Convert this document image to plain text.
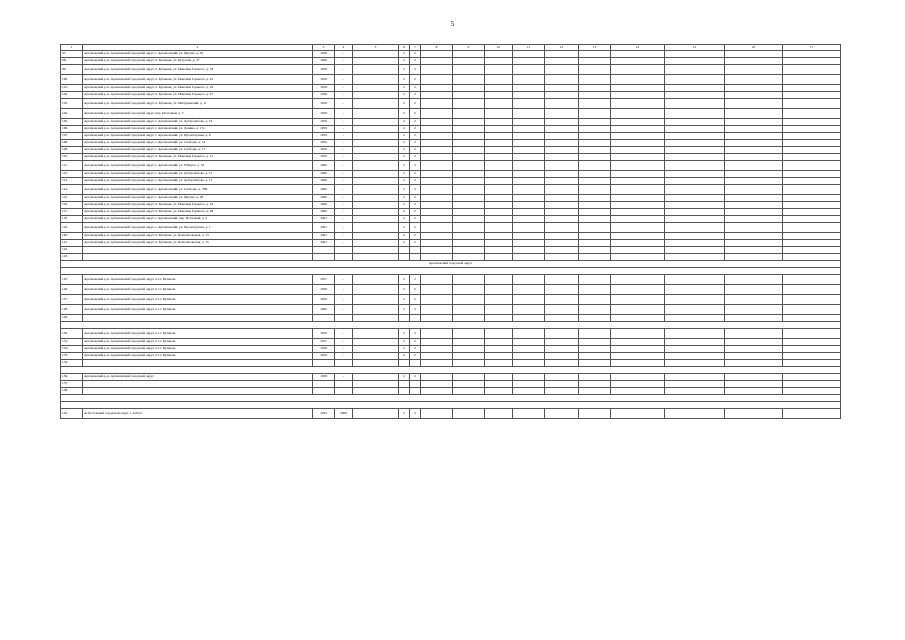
5
1	2	3	4	5	6	7	8	9	10	11	12	13	14	15	16	17
97.	Артемовский р-н, Артемовский городской округ, г. Артемовский, ул. Фрунзе, д. 45	1958	-		2	2										
98.	Артемовский р-н, Артемовский городской округ, п. Буланаш, ул. Кутузова, д. 27	1960	-		2	2										
99.	Артемовский р-н, Артемовский городской округ, п. Буланаш, ул. Максима Горького, д. 18	1958	-		2	2										
100.	Артемовский р-н, Артемовский городской округ, п. Буланаш, ул. Максима Горького, д. 22	1958	-		2	2										
101.	Артемовский р-н, Артемовский городской округ, п. Буланаш, ул. Максима Горького, д. 26	1958	-		2	2										
102.	Артемовский р-н, Артемовский городской округ, п. Буланаш, ул. Максима Горького, д. 27	1958	-		2	2										
103.	Артемовский р-н, Артемовский городской округ, п. Буланаш, ул. Мичуринский, д. 11	1958	-		2	2										
104.	Артемовский р-н, Артемовский городской округ, пер. Почтовый, д. 3	1959	-		2	2										
105.	Артемовский р-н, Артемовский городской округ, г. Артемовский, ул. Добролюбова, д. 16	1959	-		2	2										
106.	Артемовский р-н, Артемовский городской округ, г. Артемовский, ул. Ленина, д. 17а	1959	-		2	2										
107.	Артемовский р-н, Артемовский городской округ, г. Артемовский, ул. Пролетарская, д. 6	1959	-		2	2										
108.	Артемовский р-н, Артемовский городской округ, г. Артемовский, ул. Свободы, д. 14	1959	-		2	2										
109.	Артемовский р-н, Артемовский городской округ, г. Артемовский, ул. Свободы, д. 17	1959	-		2	2										
110.	Артемовский р-н, Артемовский городской округ, п. Буланаш, ул. Максима Горького, д. 21	1959	-		2	2										
111.	Артемовский р-н, Артемовский городской округ, г. Артемовский, ул. 8 Марта, д. 16	1960	-		2	2										
112.	Артемовский р-н, Артемовский городской округ, г. Артемовский, ул. Добролюбова, д. 12	1960	-		2	2										
113.	Артемовский р-н, Артемовский городской округ, г. Артемовский, ул. Добролюбова, д. 15	1960	-		2	2										
114.	Артемовский р-н, Артемовский городской округ, г. Артемовский, ул. Свободы, д. 78Б	1960	-		2	2										
115.	Артемовский р-н, Артемовский городской округ, г. Артемовский, ул. Фрунзе, д. 28	1960	-		2	2										
116.	Артемовский р-н, Артемовский городской округ, п. Буланаш, ул. Максима Горького, д. 24	1960	-		2	2										
117.	Артемовский р-н, Артемовский городской округ, п. Буланаш, ул. Максима Горького, д. 28	1960	-		2	2										
118.	Артемовский р-н, Артемовский городской округ, г. Артемовский, пер. Почтовый, д. 2	1961	-		2	2										
119.	Артемовский р-н, Артемовский городской округ, г. Артемовский, ул. Пролетарская, д. 1	1961	-		2	2										
120.	Артемовский р-н, Артемовский городской округ, п. Буланаш, ул. Комсомольская, д. 13	1961	-		2	2										
121.	Артемовский р-н, Артемовский городской округ, п. Буланаш, ул. Комсомольская, д. 15	1961	-		2	2										
122.																
123.																
Артемовский городской округ																

125.	Артемовский р-н, Артемовский городской округ, п.г.т. Буланаш	1957	-		2	2										
126.	Артемовский р-н, Артемовский городской округ, п.г.т. Буланаш	1958	-		2	2										
127.	Артемовский р-н, Артемовский городской округ, п.г.т. Буланаш	1959	-		2	2										
128.	Артемовский р-н, Артемовский городской округ, п.г.т. Буланаш	1960	-		2	2										
129.																

130.	Артемовский р-н, Артемовский городской округ, п.г.т. Буланаш	1956	-		2	2										
131.	Артемовский р-н, Артемовский городской округ, п.г.т. Буланаш	1957	-		2	2										
132.	Артемовский р-н, Артемовский городской округ, п.г.т. Буланаш	1958	-		2	2										
133.	Артемовский р-н, Артемовский городской округ, п.г.т. Буланаш	1959	-		2	2										
134.																

136.	Артемовский р-н, Артемовский городской округ	1958	-		2	2										
137.																
138.																

142.	Асбестовский городской округ, г. Асбест	1925	2006		2	2										
